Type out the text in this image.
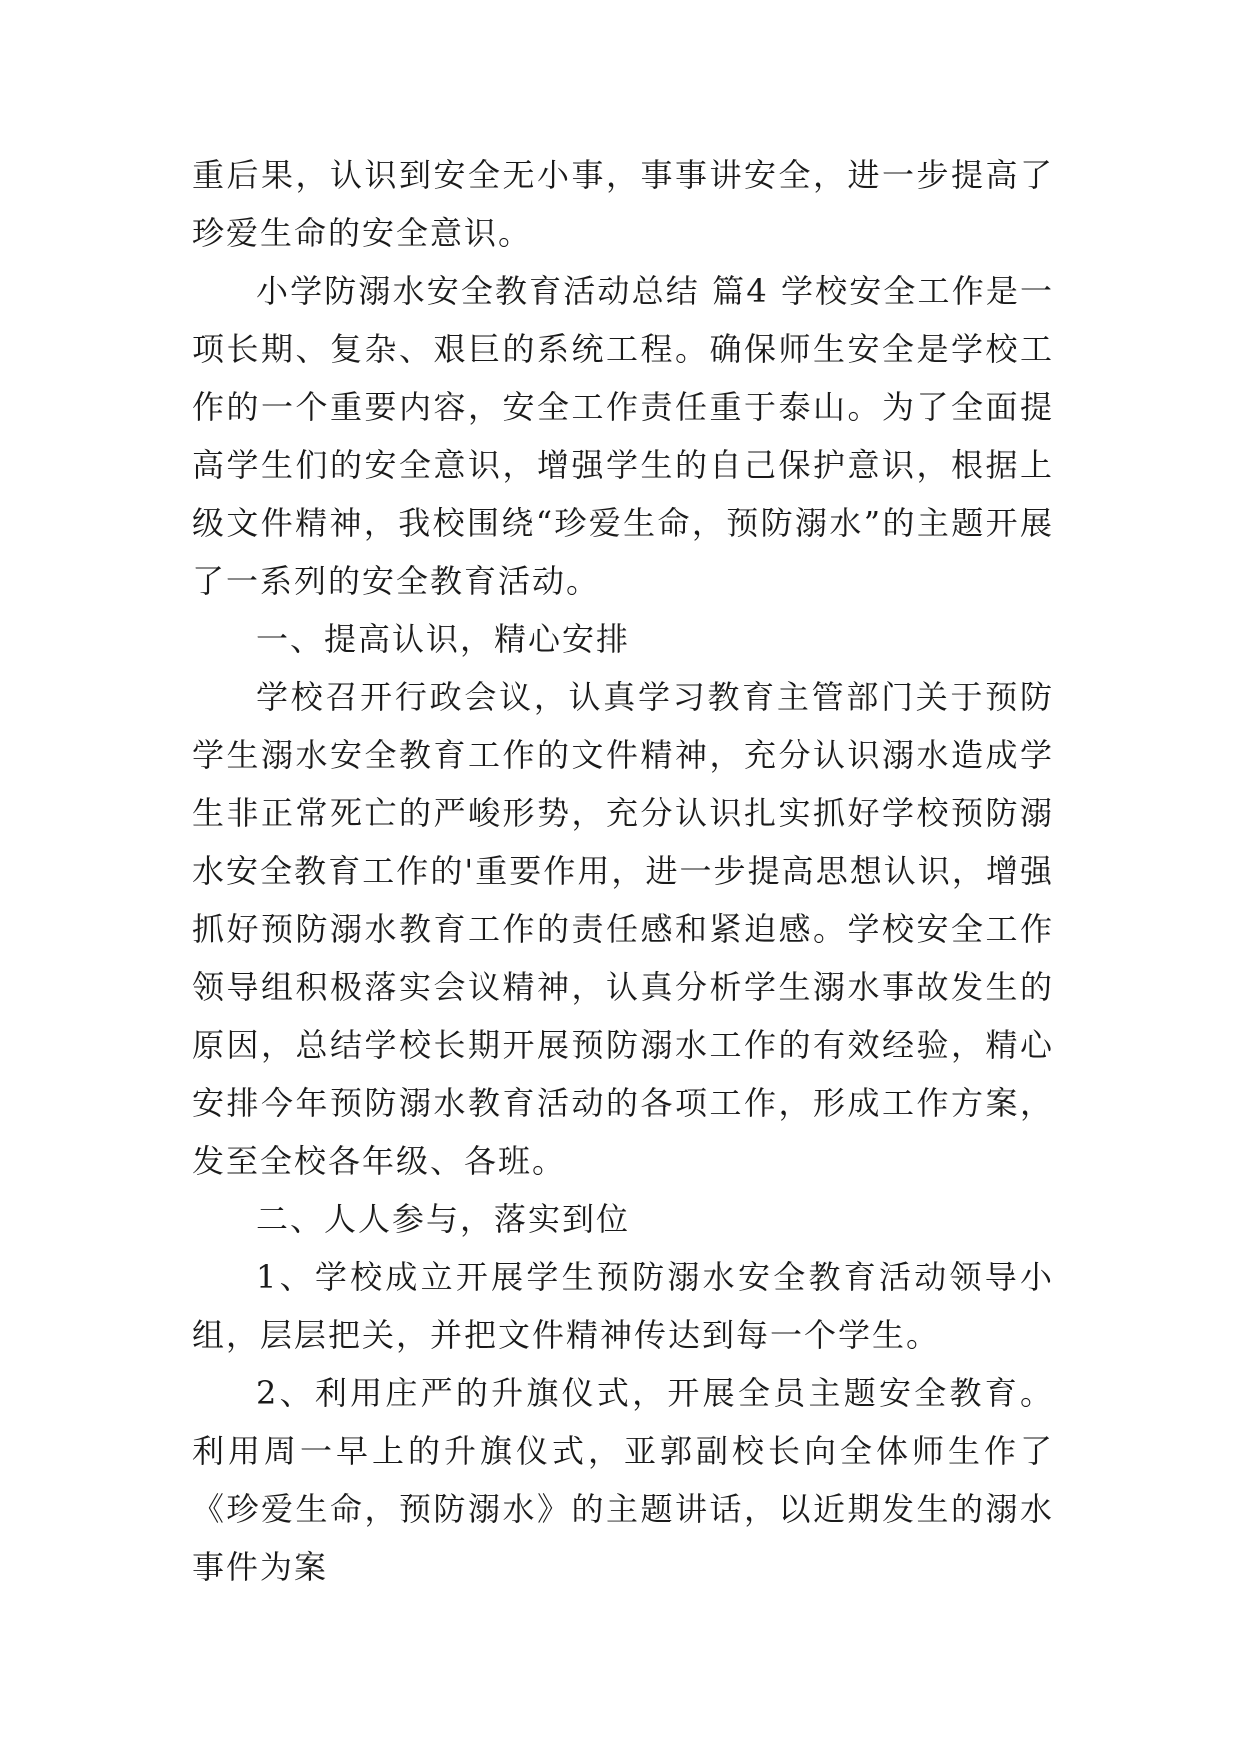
重后果，认识到安全无小事，事事讲安全，进一步提高了珍爱生命的安全意识。

小学防溺水安全教育活动总结 篇4 学校安全工作是一项长期、复杂、艰巨的系统工程。确保师生安全是学校工作的一个重要内容，安全工作责任重于泰山。为了全面提高学生们的安全意识，增强学生的自己保护意识，根据上级文件精神，我校围绕“珍爱生命，预防溺水”的主题开展了一系列的安全教育活动。

一、提高认识，精心安排

学校召开行政会议，认真学习教育主管部门关于预防学生溺水安全教育工作的文件精神，充分认识溺水造成学生非正常死亡的严峻形势，充分认识扎实抓好学校预防溺水安全教育工作的'重要作用，进一步提高思想认识，增强抓好预防溺水教育工作的责任感和紧迫感。学校安全工作领导组积极落实会议精神，认真分析学生溺水事故发生的原因，总结学校长期开展预防溺水工作的有效经验，精心安排今年预防溺水教育活动的各项工作，形成工作方案，发至全校各年级、各班。

二、人人参与，落实到位

1、学校成立开展学生预防溺水安全教育活动领导小组，层层把关，并把文件精神传达到每一个学生。

2、利用庄严的升旗仪式，开展全员主题安全教育。利用周一早上的升旗仪式，亚郭副校长向全体师生作了《珍爱生命，预防溺水》的主题讲话，以近期发生的溺水事件为案
